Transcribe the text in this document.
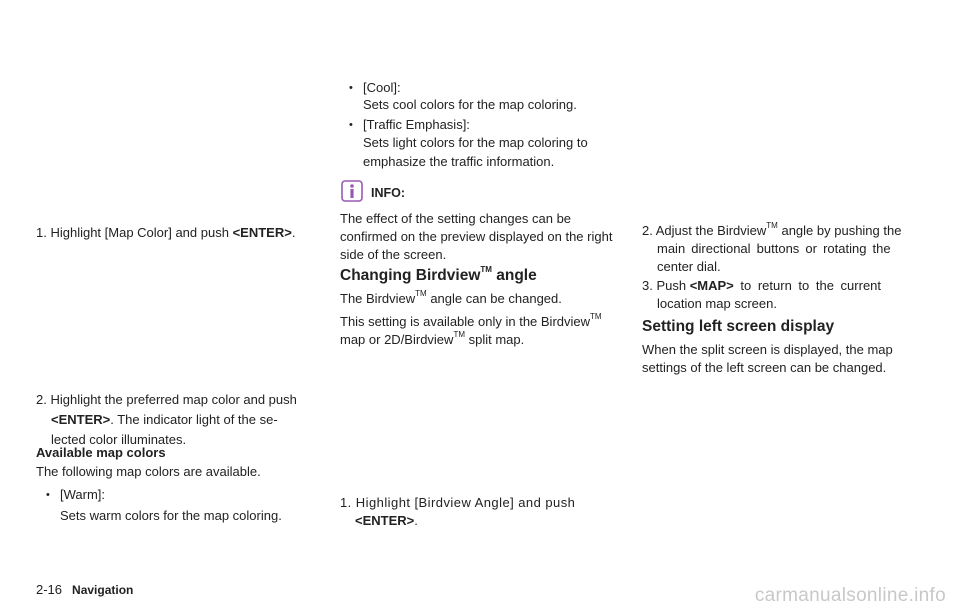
1. Highlight [Map Color] and push <ENTER>.
2. Highlight the preferred map color and push
<ENTER>. The indicator light of the se-
lected color illuminates.
Available map colors
The following map colors are available.
• [Warm]:
Sets warm colors for the map coloring.
• [Cool]:
Sets cool colors for the map coloring.
• [Traffic Emphasis]:
Sets light colors for the map coloring to
emphasize the traffic information.
INFO:
The effect of the setting changes can be
confirmed on the preview displayed on the right
side of the screen.
Changing Birdview™ angle
The Birdview™ angle can be changed.
This setting is available only in the Birdview™
map or 2D/Birdview™ split map.
1. Highlight [Birdview Angle] and push
<ENTER>.
2. Adjust the Birdview™ angle by pushing the
main directional buttons or rotating the
center dial.
3. Push <MAP> to return to the current
location map screen.
Setting left screen display
When the split screen is displayed, the map
settings of the left screen can be changed.
2-16 Navigation	carmanualsonline.info
